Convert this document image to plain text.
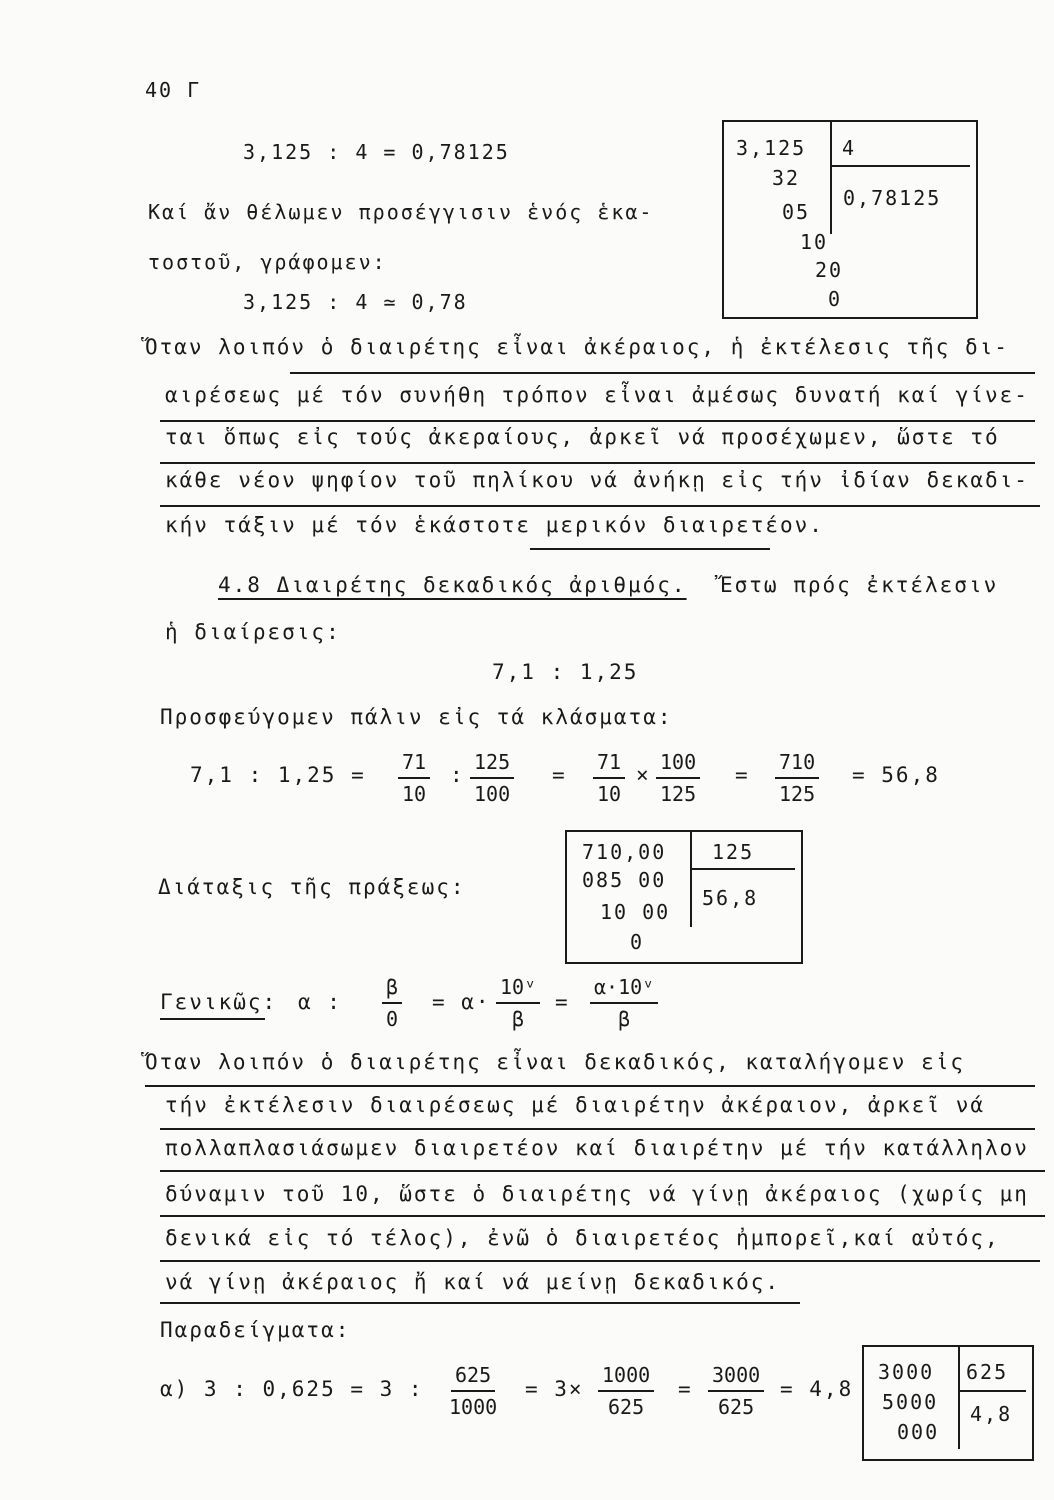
40 Γ
3,125 : 4 = 0,78125
Καί ἄν θέλωμεν προσέγγισιν ἑνός ἑκα-
τοστοῦ, γράφομεν:
3,125 : 4 ≃ 0,78
3,125 4
0,78125
32
05
10
20
0
Ὅταν λοιπόν ὁ διαιρέτης εἶναι ἀκέραιος, ἡ ἐκτέλεσις τῆς δι-
αιρέσεως μέ τόν συνήθη τρόπον εἶναι ἀμέσως δυνατή καί γίνε-
ται ὅπως εἰς τούς ἀκεραίους, ἀρκεῖ νά προσέχωμεν, ὥστε τό
κάθε νέον ψηφίον τοῦ πηλίκου νά ἀνήκῃ εἰς τήν ἰδίαν δεκαδι-
κήν τάξιν μέ τόν ἑκάστοτε μερικόν διαιρετέον.
4.8 Διαιρέτης δεκαδικός ἀριθμός. Ἔστω πρός ἐκτέλεσιν
ἡ διαίρεσις:
7,1 : 1,25
Προσφεύγομεν πάλιν εἰς τά κλάσματα:
7,1 : $1,25 = \frac{71}{10}$ : $\frac{125}{100} = \frac{71}{10} \times \frac{100}{125} = \frac{710}{125} = 56,8$
Διάταξις τῆς πράξεως:
710,00 125
56,8
085 00
10 00
0
Γενικῶς: α : $\frac{\beta}{0} = \alpha\cdot \frac{\text{10ᵛ}}{\beta} = \frac{\text{α·10ᵛ}}{\beta}$
Ὅταν λοιπόν ὁ διαιρέτης εἶναι δεκαδικός, καταλήγομεν εἰς
τήν ἐκτέλεσιν διαιρέσεως μέ διαιρέτην ἀκέραιον, ἀρκεῖ νά
πολλαπλασιάσωμεν διαιρετέον καί διαιρέτην μέ τήν κατάλληλον
δύναμιν τοῦ 10, ὥστε ὁ διαιρέτης νά γίνῃ ἀκέραιος (χωρίς μη
δενικά εἰς τό τέλος), ἐνῶ ὁ διαιρετέος ἠμπορεῖ,καί αὐτός,
νά γίνῃ ἀκέραιος ἤ καί νά μείνῃ δεκαδικός.
Παραδείγματα:
α) 3 : 0,625 = 3 : $\frac{625}{1000} = 3\times \frac{1000}{625} = \frac{3000}{625} = 4,8$
3000 625
4,8
5000
000
